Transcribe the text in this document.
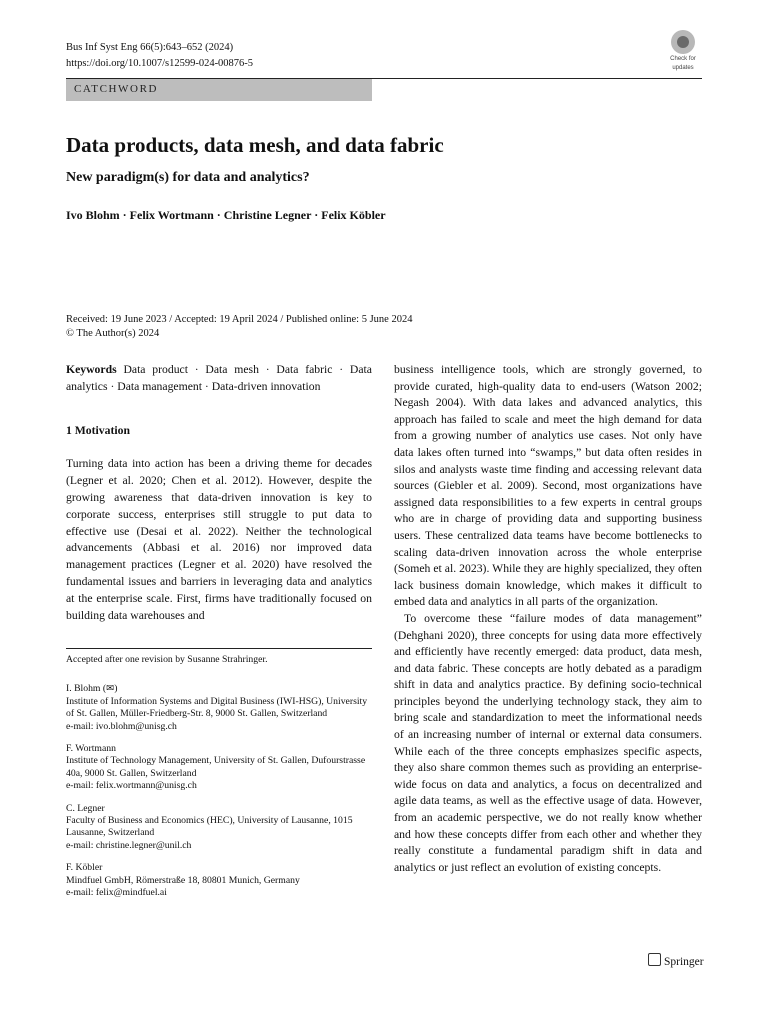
Bus Inf Syst Eng 66(5):643–652 (2024)
https://doi.org/10.1007/s12599-024-00876-5	Check for
updates
CATCHWORD
Data products, data mesh, and data fabric
New paradigm(s) for data and analytics?
Ivo Blohm · Felix Wortmann · Christine Legner · Felix Köbler
Received: 19 June 2023 / Accepted: 19 April 2024 / Published online: 5 June 2024
© The Author(s) 2024

Keywords Data product · Data mesh · Data fabric · Data analytics · Data management · Data-driven innovation

1 Motivation

Turning data into action has been a driving theme for decades (Legner et al. 2020; Chen et al. 2012). However, despite the growing awareness that data-driven innovation is key to corporate success, enterprises still struggle to put data to effective use (Desai et al. 2022). Neither the technological advancements (Abbasi et al. 2016) nor improved data management practices (Legner et al. 2020) have resolved the fundamental issues and barriers in leveraging data and analytics at the enterprise scale. First, firms have traditionally focused on building data warehouses and

Accepted after one revision by Susanne Strahringer.
I. Blohm (✉)
Institute of Information Systems and Digital Business (IWI-HSG), University of St. Gallen, Müller-Friedberg-Str. 8, 9000 St. Gallen, Switzerland
e-mail: ivo.blohm@unisg.ch
F. Wortmann
Institute of Technology Management, University of St. Gallen, Dufourstrasse 40a, 9000 St. Gallen, Switzerland
e-mail: felix.wortmann@unisg.ch
C. Legner
Faculty of Business and Economics (HEC), University of Lausanne, 1015 Lausanne, Switzerland
e-mail: christine.legner@unil.ch
F. Köbler
Mindfuel GmbH, Römerstraße 18, 80801 Munich, Germany
e-mail: felix@mindfuel.ai

business intelligence tools, which are strongly governed, to provide curated, high-quality data to end-users (Watson 2002; Negash 2004). With data lakes and advanced analytics, this approach has failed to scale and meet the high demand for data from a growing number of analytics use cases. Not only have data lakes often turned into “swamps,” but data often resides in silos and analysts waste time finding and accessing relevant data sources (Giebler et al. 2009). Second, most organizations have assigned data responsibilities to a few experts in central groups who are in charge of providing data and supporting business users. These centralized data teams have become bottlenecks to scaling data-driven innovation across the whole enterprise (Someh et al. 2023). While they are highly specialized, they often lack business domain knowledge, which makes it difficult to embed data and analytics in all parts of the organization.

To overcome these “failure modes of data management” (Dehghani 2020), three concepts for using data more effectively and efficiently have recently emerged: data product, data mesh, and data fabric. These concepts are hotly debated as a paradigm shift in data and analytics practice. By defining socio-technical principles beyond the underlying technology stack, they aim to bring scale and standardization to meet the informational needs of an increasing number of internal or external data consumers. While each of the three concepts emphasizes specific aspects, they also share common themes such as providing an enterprise-wide focus on data and analytics, a focus on decentralized and agile data teams, as well as the effective usage of data. However, from an academic perspective, we do not really know whether and how these concepts differ from each other and whether they really constitute a fundamental paradigm shift in data and analytics or just reflect an evolution of existing concepts.

Springer
